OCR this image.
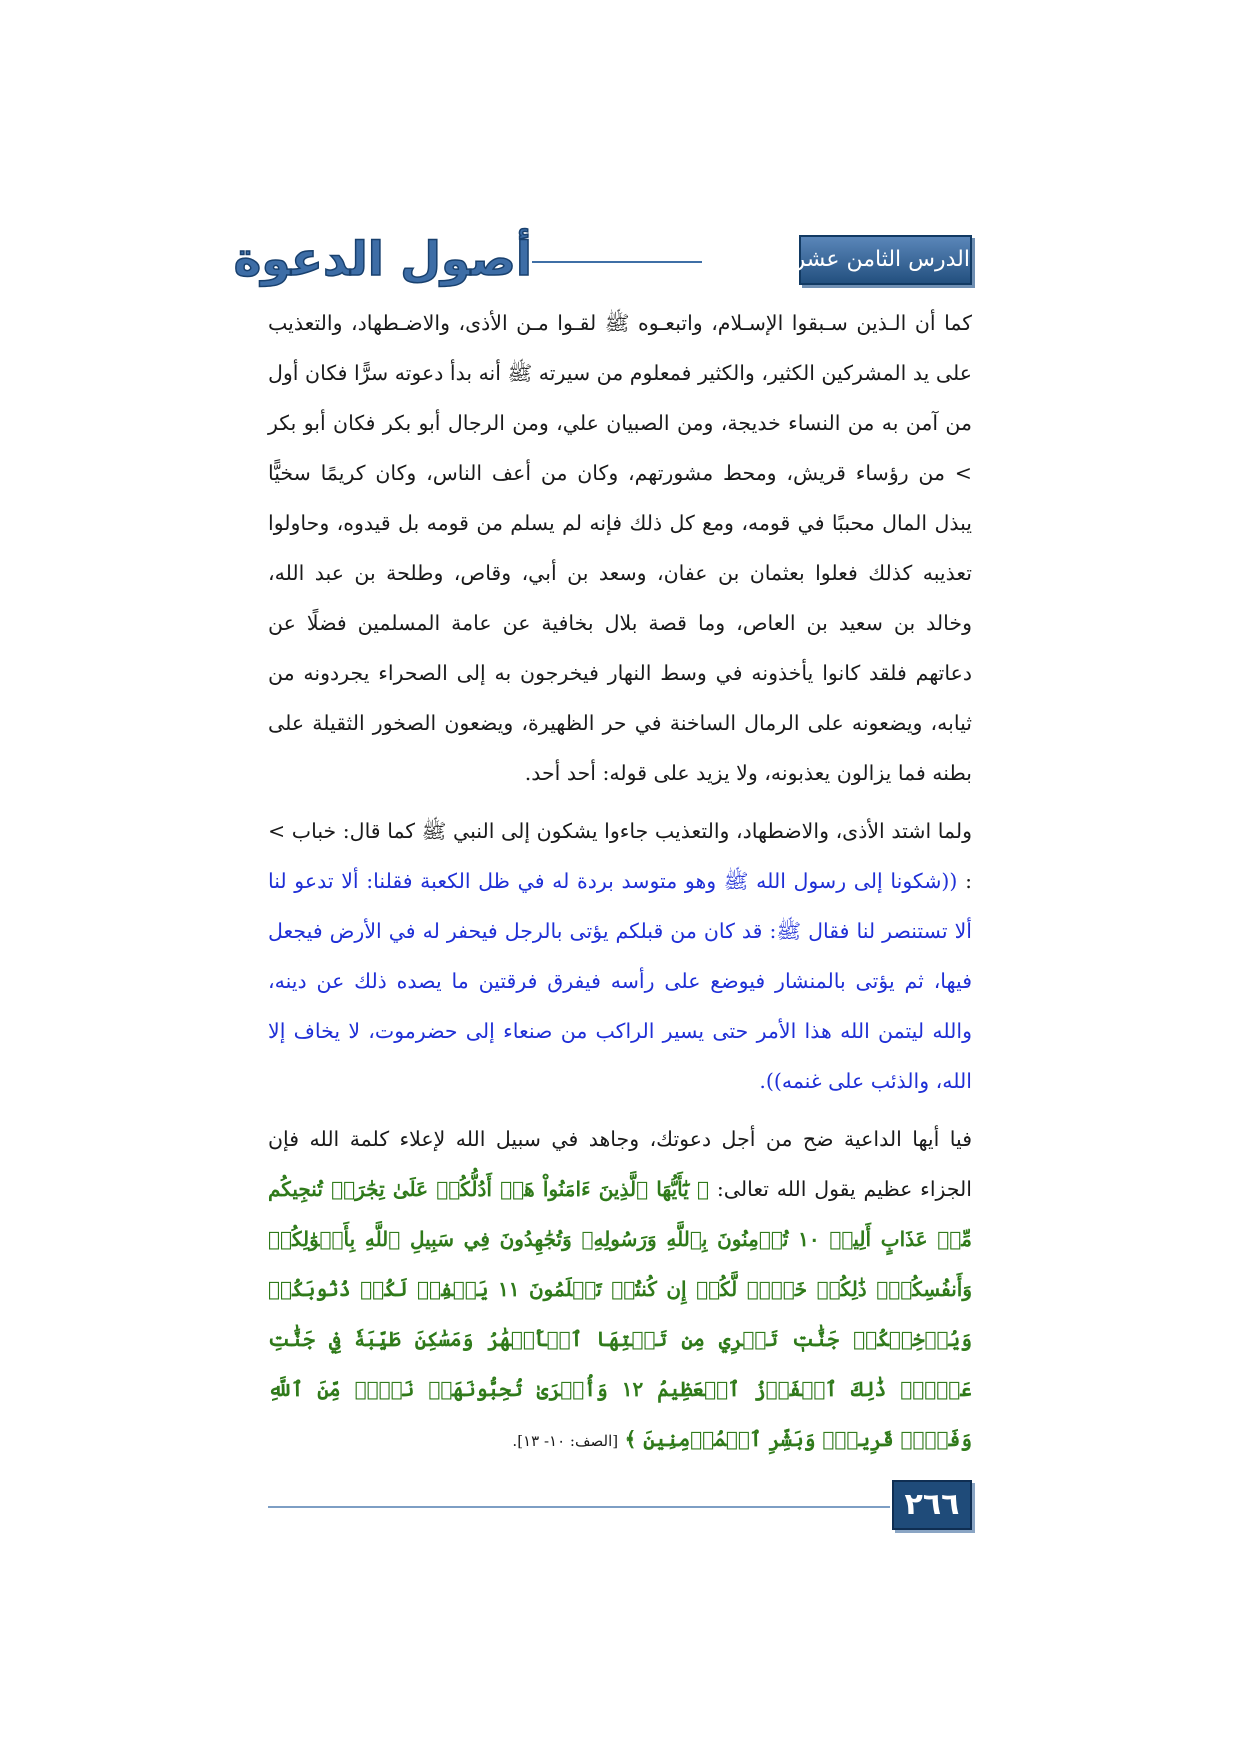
الدرس الثامن عشر
أصول الدعوة

كما أن الـذين سـبقوا الإسـلام، واتبعـوه ﷺ لقـوا مـن الأذى، والاضـطهاد، والتعذيب على يد المشركين الكثير، والكثير فمعلوم من سيرته ﷺ أنه بدأ دعوته سرًّا فكان أول من آمن به من النساء خديجة، ومن الصبيان علي، ومن الرجال أبو بكر فكان أبو بكر > من رؤساء قريش، ومحط مشورتهم، وكان من أعف الناس، وكان كريمًا سخيًّا يبذل المال محببًا في قومه، ومع كل ذلك فإنه لم يسلم من قومه بل قيدوه، وحاولوا تعذيبه كذلك فعلوا بعثمان بن عفان، وسعد بن أبي، وقاص، وطلحة بن عبد الله، وخالد بن سعيد بن العاص، وما قصة بلال بخافية عن عامة المسلمين فضلًا عن دعاتهم فلقد كانوا يأخذونه في وسط النهار فيخرجون به إلى الصحراء يجردونه من ثيابه، ويضعونه على الرمال الساخنة في حر الظهيرة، ويضعون الصخور الثقيلة على بطنه فما يزالون يعذبونه، ولا يزيد على قوله: أحد أحد.

ولما اشتد الأذى، والاضطهاد، والتعذيب جاءوا يشكون إلى النبي ﷺ كما قال: خباب > : ((شكونا إلى رسول الله ﷺ وهو متوسد بردة له في ظل الكعبة فقلنا: ألا تدعو لنا ألا تستنصر لنا فقال ﷺ: قد كان من قبلكم يؤتى بالرجل فيحفر له في الأرض فيجعل فيها، ثم يؤتى بالمنشار فيوضع على رأسه فيفرق فرقتين ما يصده ذلك عن دينه، والله ليتمن الله هذا الأمر حتى يسير الراكب من صنعاء إلى حضرموت، لا يخاف إلا الله، والذئب على غنمه)).

فيا أيها الداعية ضح من أجل دعوتك، وجاهد في سبيل الله لإعلاء كلمة الله فإن الجزاء عظيم يقول الله تعالى: ﴿ يَٰٓأَيُّهَا ٱلَّذِينَ ءَامَنُواْ هَلۡ أَدُلُّكُمۡ عَلَىٰ تِجَٰرَةٖ تُنجِيكُم مِّنۡ عَذَابٍ أَلِيمٖ ١٠ تُؤۡمِنُونَ بِٱللَّهِ وَرَسُولِهِۦ وَتُجَٰهِدُونَ فِي سَبِيلِ ٱللَّهِ بِأَمۡوَٰلِكُمۡ وَأَنفُسِكُمۡۚ ذَٰلِكُمۡ خَيۡرٞ لَّكُمۡ إِن كُنتُمۡ تَعۡلَمُونَ ١١ يَغۡفِرۡ لَكُمۡ ذُنُوبَكُمۡ وَيُدۡخِلۡكُمۡ جَنَّٰتٖ تَجۡرِي مِن تَحۡتِهَا ٱلۡأَنۡهَٰرُ وَمَسَٰكِنَ طَيِّبَةٗ فِي جَنَّٰتِ عَدۡنٖۚ ذَٰلِكَ ٱلۡفَوۡزُ ٱلۡعَظِيمُ ١٢ وَأُخۡرَىٰ تُحِبُّونَهَاۖ نَصۡرٞ مِّنَ ٱللَّهِ وَفَتۡحٞ قَرِيبٞۗ وَبَشِّرِ ٱلۡمُؤۡمِنِينَ ﴾ [الصف: ١٠- ١٣].

٢٦٦
